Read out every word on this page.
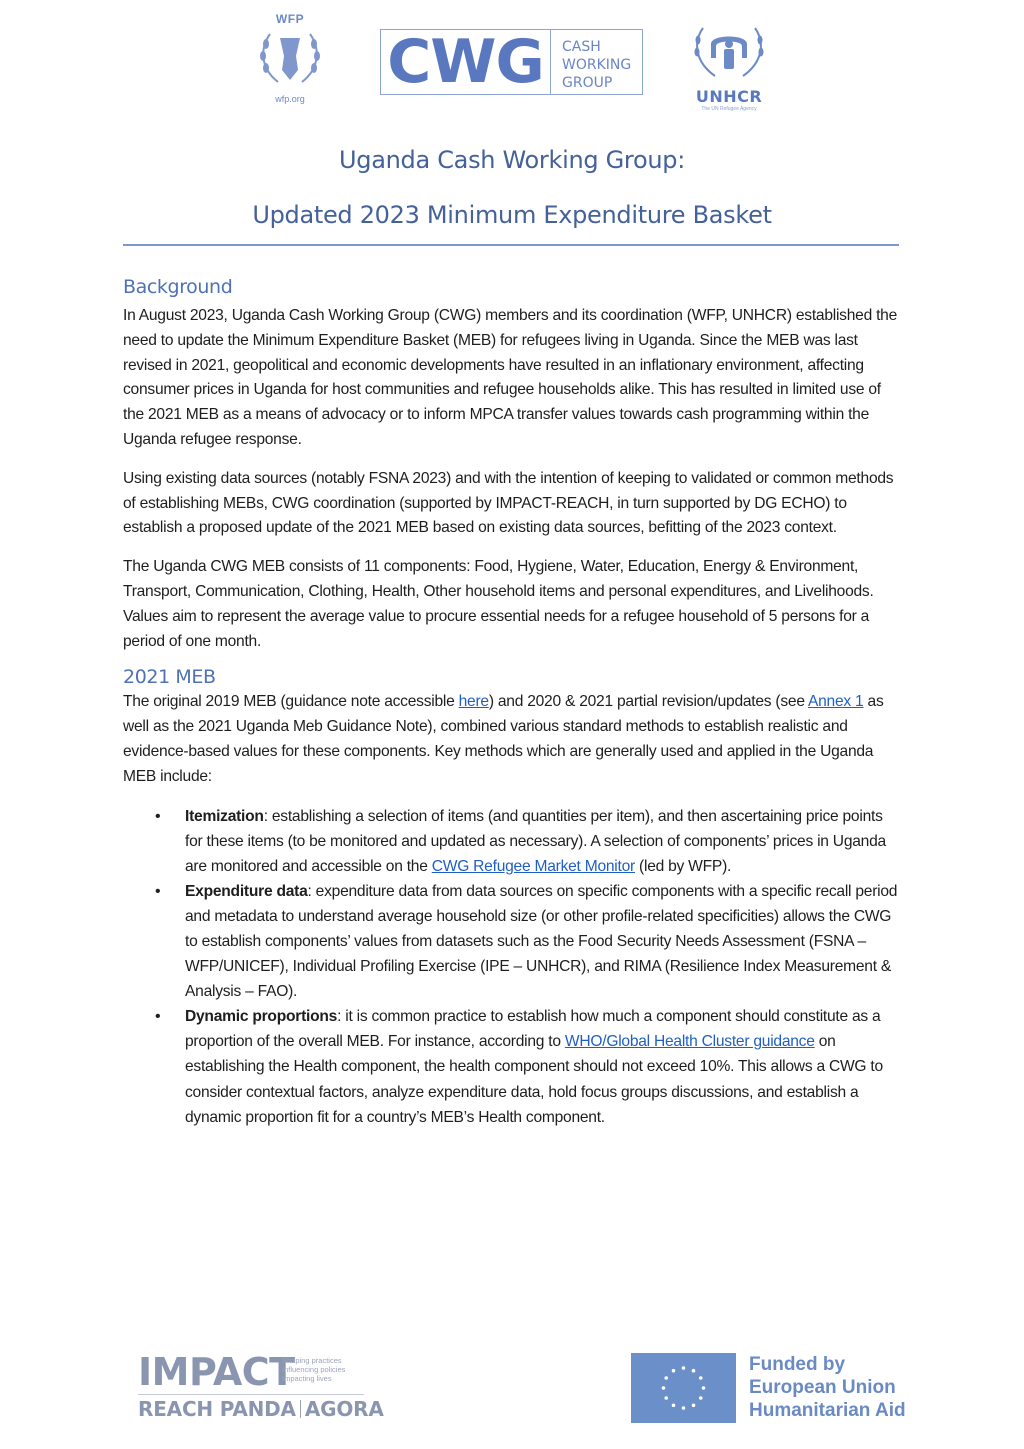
WFP
wfp.org
CWG	CASH
WORKING
GROUP
UNHCR
The UN Refugee Agency
Uganda Cash Working Group:
Updated 2023 Minimum Expenditure Basket
Background

In August 2023, Uganda Cash Working Group (CWG) members and its coordination (WFP, UNHCR) established the need to update the Minimum Expenditure Basket (MEB) for refugees living in Uganda. Since the MEB was last revised in 2021, geopolitical and economic developments have resulted in an inflationary environment, affecting consumer prices in Uganda for host communities and refugee households alike. This has resulted in limited use of the 2021 MEB as a means of advocacy or to inform MPCA transfer values towards cash programming within the Uganda refugee response.

Using existing data sources (notably FSNA 2023) and with the intention of keeping to validated or common methods of establishing MEBs, CWG coordination (supported by IMPACT-REACH, in turn supported by DG ECHO) to establish a proposed update of the 2021 MEB based on existing data sources, befitting of the 2023 context.

The Uganda CWG MEB consists of 11 components: Food, Hygiene, Water, Education, Energy & Environment, Transport, Communication, Clothing, Health, Other household items and personal expenditures, and Livelihoods. Values aim to represent the average value to procure essential needs for a refugee household of 5 persons for a period of one month.

2021 MEB

The original 2019 MEB (guidance note accessible here) and 2020 & 2021 partial revision/updates (see Annex 1 as well as the 2021 Uganda Meb Guidance Note), combined various standard methods to establish realistic and evidence-based values for these components. Key methods which are generally used and applied in the Uganda MEB include:

• Itemization: establishing a selection of items (and quantities per item), and then ascertaining price points for these items (to be monitored and updated as necessary). A selection of components’ prices in Uganda are monitored and accessible on the CWG Refugee Market Monitor (led by WFP).
• Expenditure data: expenditure data from data sources on specific components with a specific recall period and metadata to understand average household size (or other profile-related specificities) allows the CWG to establish components’ values from datasets such as the Food Security Needs Assessment (FSNA – WFP/UNICEF), Individual Profiling Exercise (IPE – UNHCR), and RIMA (Resilience Index Measurement & Analysis – FAO).
• Dynamic proportions: it is common practice to establish how much a component should constitute as a proportion of the overall MEB. For instance, according to WHO/Global Health Cluster guidance on establishing the Health component, the health component should not exceed 10%. This allows a CWG to consider contextual factors, analyze expenditure data, hold focus groups discussions, and establish a dynamic proportion fit for a country’s MEB’s Health component.
IMPACT
Shaping practices
Influencing policies
Impacting lives
REACH PANDA AGORA
Funded by
European Union
Humanitarian Aid
